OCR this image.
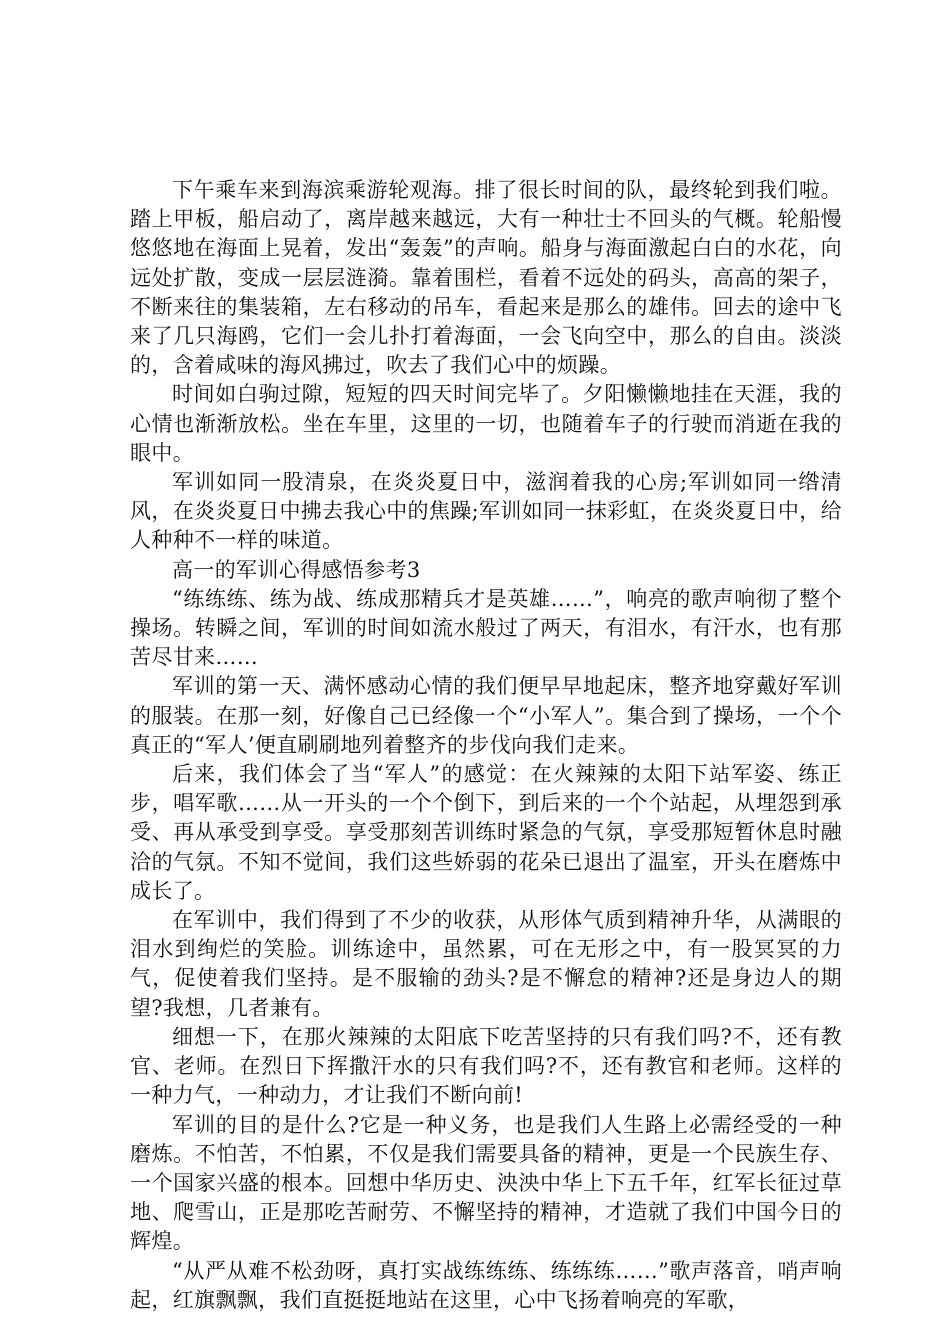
下午乘车来到海滨乘游轮观海。排了很长时间的队，最终轮到我们啦。踏上甲板，船启动了，离岸越来越远，大有一种壮士不回头的气概。轮船慢悠悠地在海面上晃着，发出“轰轰”的声响。船身与海面激起白白的水花，向远处扩散，变成一层层涟漪。靠着围栏，看着不远处的码头，高高的架子，不断来往的集装箱，左右移动的吊车，看起来是那么的雄伟。回去的途中飞来了几只海鸥，它们一会儿扑打着海面，一会飞向空中，那么的自由。淡淡的，含着咸味的海风拂过，吹去了我们心中的烦躁。

时间如白驹过隙，短短的四天时间完毕了。夕阳懒懒地挂在天涯，我的心情也渐渐放松。坐在车里，这里的一切，也随着车子的行驶而消逝在我的眼中。

军训如同一股清泉，在炎炎夏日中，滋润着我的心房;军训如同一绺清风，在炎炎夏日中拂去我心中的焦躁;军训如同一抹彩虹，在炎炎夏日中，给人种种不一样的味道。

高一的军训心得感悟参考3

“练练练、练为战、练成那精兵才是英雄……”，响亮的歌声响彻了整个操场。转瞬之间，军训的时间如流水般过了两天，有泪水，有汗水，也有那苦尽甘来……

军训的第一天、满怀感动心情的我们便早早地起床，整齐地穿戴好军训的服装。在那一刻，好像自己已经像一个“小军人”。集合到了操场，一个个真正的“军人’便直刷刷地列着整齐的步伐向我们走来。

后来，我们体会了当“军人”的感觉：在火辣辣的太阳下站军姿、练正步，唱军歌……从一开头的一个个倒下，到后来的一个个站起，从埋怨到承受、再从承受到享受。享受那刻苦训练时紧急的气氛，享受那短暂休息时融洽的气氛。不知不觉间，我们这些娇弱的花朵已退出了温室，开头在磨炼中成长了。

在军训中，我们得到了不少的收获，从形体气质到精神升华，从满眼的泪水到绚烂的笑脸。训练途中，虽然累，可在无形之中，有一股冥冥的力气，促使着我们坚持。是不服输的劲头?是不懈怠的精神?还是身边人的期望?我想，几者兼有。

细想一下，在那火辣辣的太阳底下吃苦坚持的只有我们吗?不，还有教官、老师。在烈日下挥撒汗水的只有我们吗?不，还有教官和老师。这样的一种力气，一种动力，才让我们不断向前!

军训的目的是什么?它是一种义务，也是我们人生路上必需经受的一种磨炼。不怕苦，不怕累，不仅是我们需要具备的精神，更是一个民族生存、一个国家兴盛的根本。回想中华历史、泱泱中华上下五千年，红军长征过草地、爬雪山，正是那吃苦耐劳、不懈坚持的精神，才造就了我们中国今日的辉煌。

“从严从难不松劲呀，真打实战练练练、练练练……”歌声落音，哨声响起，红旗飘飘，我们直挺挺地站在这里，心中飞扬着响亮的军歌，
